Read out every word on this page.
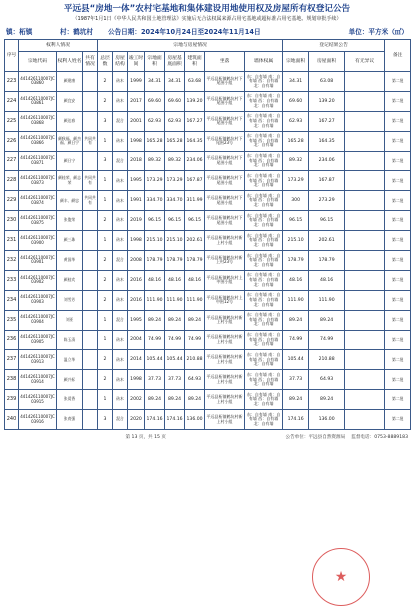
平远县“房地一体”农村宅基地和集体建设用地使用权及房屋所有权登记公告
（1987年1月1日《中华人民共和国土地管理法》实施后无合法权属来源占用宅基地或超标准占用宅基地、规划审批手续）
镇：柘镇	村：鹤坑村	公告日期：2024年10月24日至2024年11月14日	单位：平方米（㎡）
序号	权利人情况			宗地与房屋情况								登记结果公告			备注
	宗地代码	权利人姓名	共有情况	总层数	房屋结构	竣工时间	宗地面积	房屋基底面积	建筑面积	坐落	墙体权属	宗地面积	房屋面积	有无异议	
223	441426110007JC03860	颜建康		2	砖木	1999	34.31	34.31	63.68	平远县柘镇鹤坑村下尾围小组	东：自有墙 南：自有墙 西：自有墙 北：自有墙	34.31	63.08		第二批
224	441426110007JC03861	颜宜安		2	砖木	2017	69.60	69.60	139.20	平远县柘镇鹤坑村下尾围小组	东：自有墙 南：自有墙 西：自有墙 北：自有墙	69.60	139.20		第二批
225	441426110007JC03868	颜达春		3	混合	2001	62.93	62.93	167.27	平远县柘镇鹤坑村下尾围小组	东：自有墙 南：自有墙 西：自有墙 北：自有墙	62.93	167.27		第二批
226	441426110007JC03866	颜秋福、颜杰福、颜日宁	共同共有	1	砖木	1998	165.28	165.28	164.35	平远县柘镇鹤坑村下尾围23号	东：自有墙 南：自有墙 西：自有墙 北：自有墙	165.28	164.35		第二批
227	441426110007JC03871	颜日宁		3	混合	2018	89.32	89.32	234.06	平远县柘镇鹤坑村下尾围小组	东：自有墙 南：自有墙 西：自有墙 北：自有墙	89.32	234.06		第二批
228	441426110007JC03873	颜桂荣、颜志荣	共同共有	1	砖木	1995	173.29	173.29	167.87	平远县柘镇鹤坑村下尾围小组	东：自有墙 南：自有墙 西：自有墙 北：自有墙	173.29	167.87		第二批
229	441426110007JC03874	颜丰、颜忠	共同共有	1	砖木	1991	334.70	334.70	311.99	平远县柘镇鹤坑村下尾围小组	东：自有墙 南：自有墙 西：自有墙 北：自有墙	300	273.29		第二批
230	441426110007JC03875	张俊荣		2	砖木	2019	96.15	96.15	96.15	平远县柘镇鹤坑村下尾围小组	东：自有墙 南：自有墙 西：自有墙 北：自有墙	96.15	96.15		第二批
231	441426110007JC03900	颜三珠		1	砖木	1998	215.10	215.10	202.61	平远县柘镇鹤坑村新上村小组	东：自有墙 南：自有墙 西：自有墙 北：自有墙	215.10	202.61		第二批
232	441426110007JC03901	黄国华		2	混合	2008	178.79	178.79	178.79	平远县柘镇鹤坑村新上村23号	东：自有墙 南：自有墙 西：自有墙 北：自有墙	178.79	178.79		第二批
233	441426110007JC03902	颜桂宾		2	砖木	2016	48.16	48.16	48.16	平远县柘镇鹤坑村上中围小组	东：自有墙 南：自有墙 西：自有墙 北：自有墙	48.16	48.16		第二批
234	441426110007JC03903	刘雪芳		2	砖木	2016	111.90	111.90	111.90	平远县柘镇鹤坑村上中围12号	东：自有墙 南：自有墙 西：自有墙 北：自有墙	111.90	111.90		第二批
235	441426110007JC03904	刘亚		1	混合	1995	89.24	89.24	89.24	平远县柘镇鹤坑村新上村小组	东：自有墙 南：自有墙 西：自有墙 北：自有墙	89.24	89.24		第二批
236	441426110007JC03905	陈玉清		1	砖木	2004	74.99	74.99	74.99	平远县柘镇鹤坑村新上村小组	东：自有墙 南：自有墙 西：自有墙 北：自有墙	74.99	74.99		第二批
237	441426110007JC03913	温立华		2	砖木	2014	105.44	105.44	210.88	平远县柘镇鹤坑村新上村小组	东：自有墙 南：自有墙 西：自有墙 北：自有墙	105.44	210.88		第二批
238	441426110007JC03914	颜兴标		2	砖木	1998	37.73	37.73	64.93	平远县柘镇鹤坑村新上村小组	东：自有墙 南：自有墙 西：自有墙 北：自有墙	37.73	64.93		第二批
239	441426110007JC03915	张爱香		1	砖木	2002	89.24	89.24	89.24	平远县柘镇鹤坑村新上村小组	东：自有墙 南：自有墙 西：自有墙 北：自有墙	89.24	89.24		第二批
240	441426110007JC03916	张育强		3	混合	2020	174.16	174.16	136.00	平远县柘镇鹤坑村新上村小组	东：自有墙 南：自有墙 西：自有墙 北：自有墙	174.16	136.00		第二批
第 13 页，共 15 页	公告单位：平远县自然资源局 监督电话：0753-8889183
★
